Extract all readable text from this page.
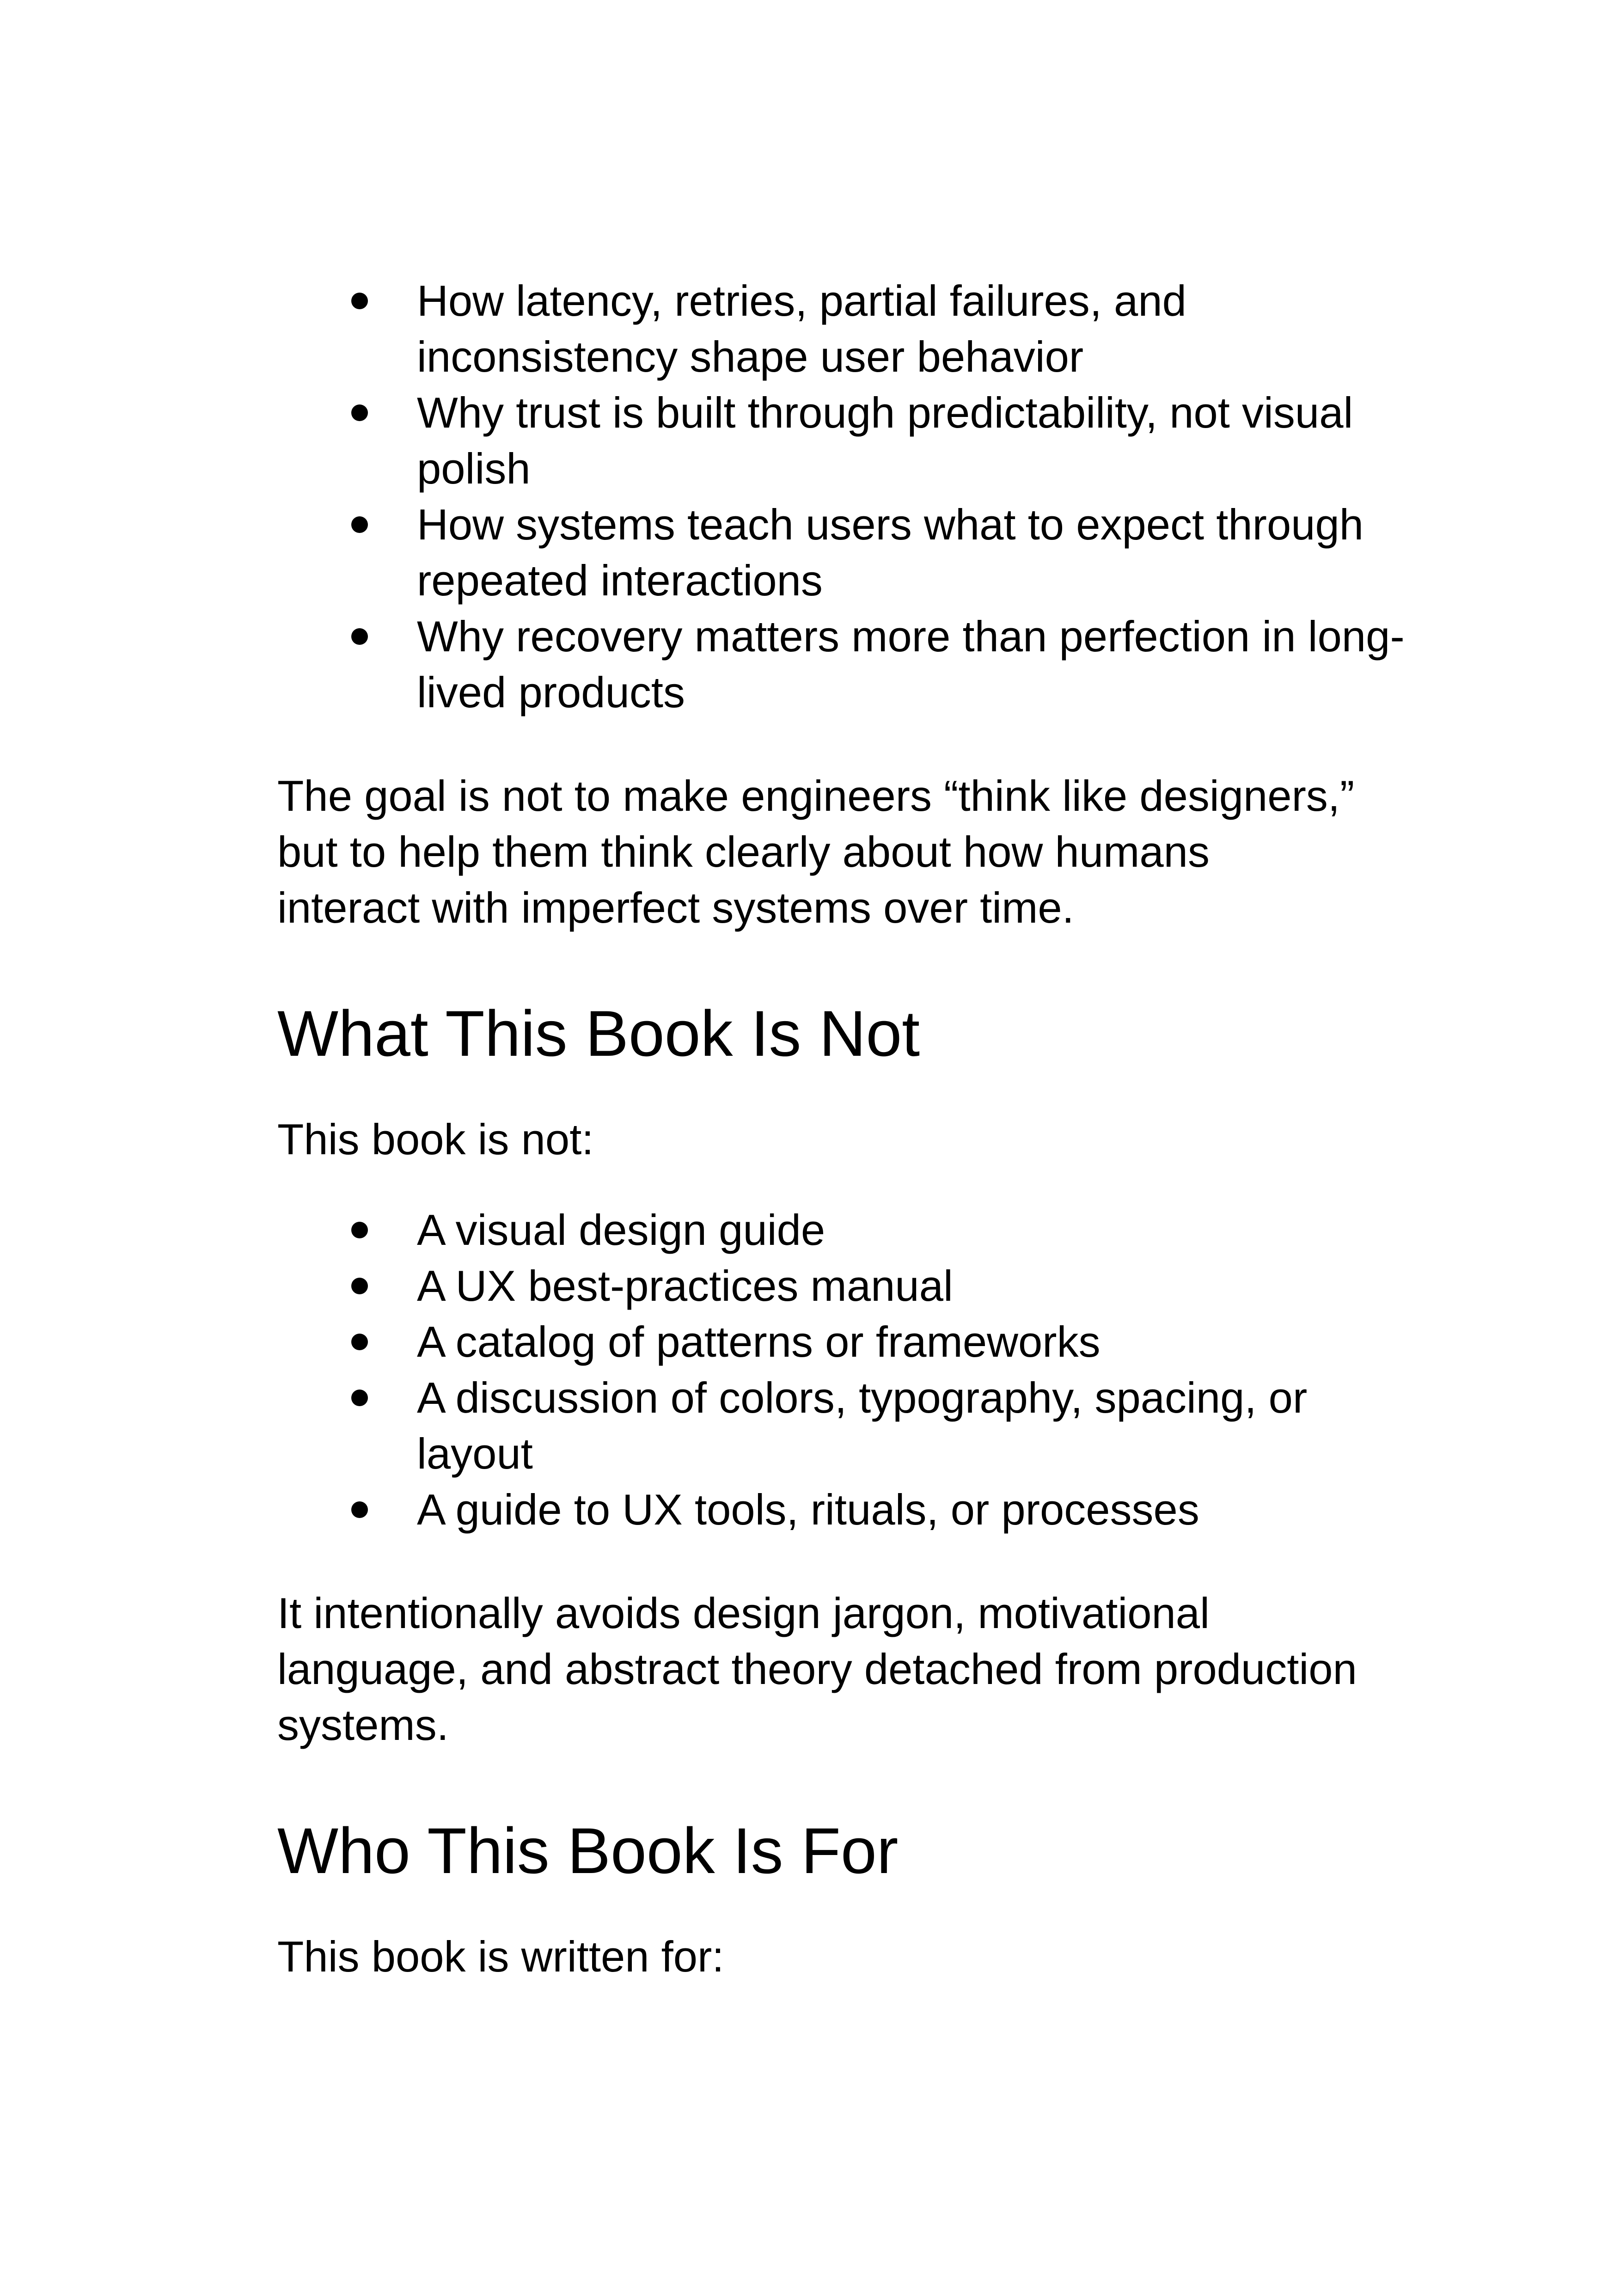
How latency, retries, partial failures, and inconsistency shape user behavior
Why trust is built through predictability, not visual polish
How systems teach users what to expect through repeated interactions
Why recovery matters more than perfection in long-lived products

The goal is not to make engineers “think like designers,” but to help them think clearly about how humans interact with imperfect systems over time.

What This Book Is Not

This book is not:

A visual design guide
A UX best-practices manual
A catalog of patterns or frameworks
A discussion of colors, typography, spacing, or layout
A guide to UX tools, rituals, or processes

It intentionally avoids design jargon, motivational language, and abstract theory detached from production systems.

Who This Book Is For

This book is written for:
